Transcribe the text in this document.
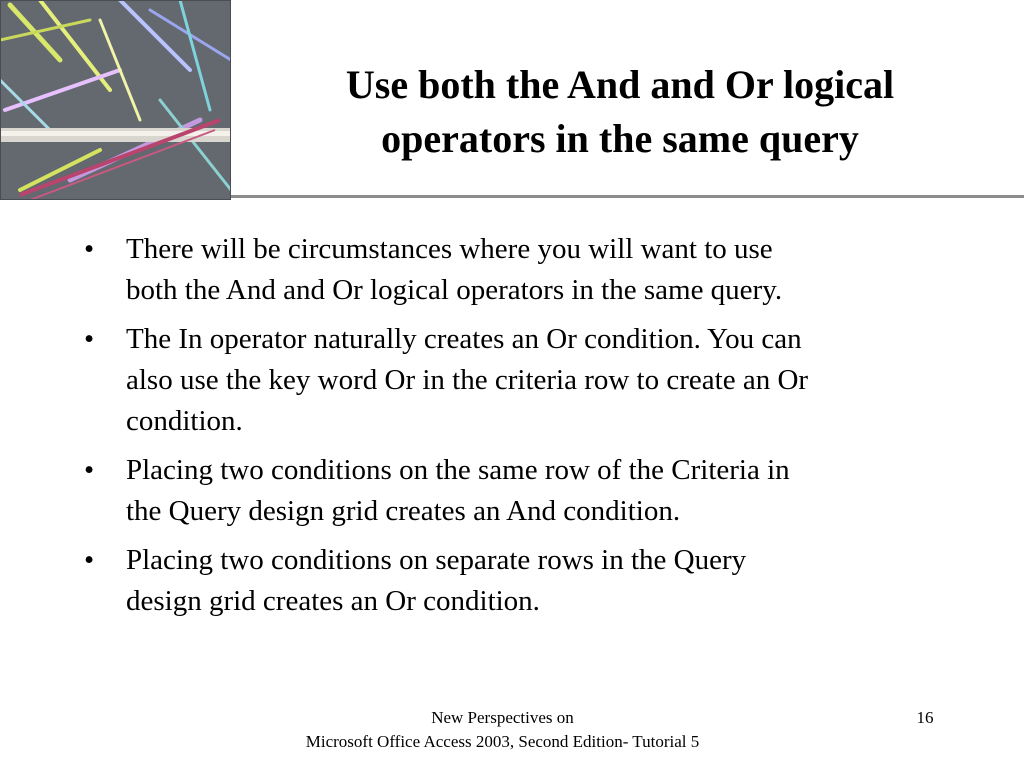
Use both the And and Or logical
operators in the same query
• There will be circumstances where you will want to use
both the And and Or logical operators in the same query.
• The In operator naturally creates an Or condition. You can
also use the key word Or in the criteria row to create an Or
condition.
• Placing two conditions on the same row of the Criteria in
the Query design grid creates an And condition.
• Placing two conditions on separate rows in the Query
design grid creates an Or condition.
New Perspectives on
Microsoft Office Access 2003, Second Edition- Tutorial 5
16
